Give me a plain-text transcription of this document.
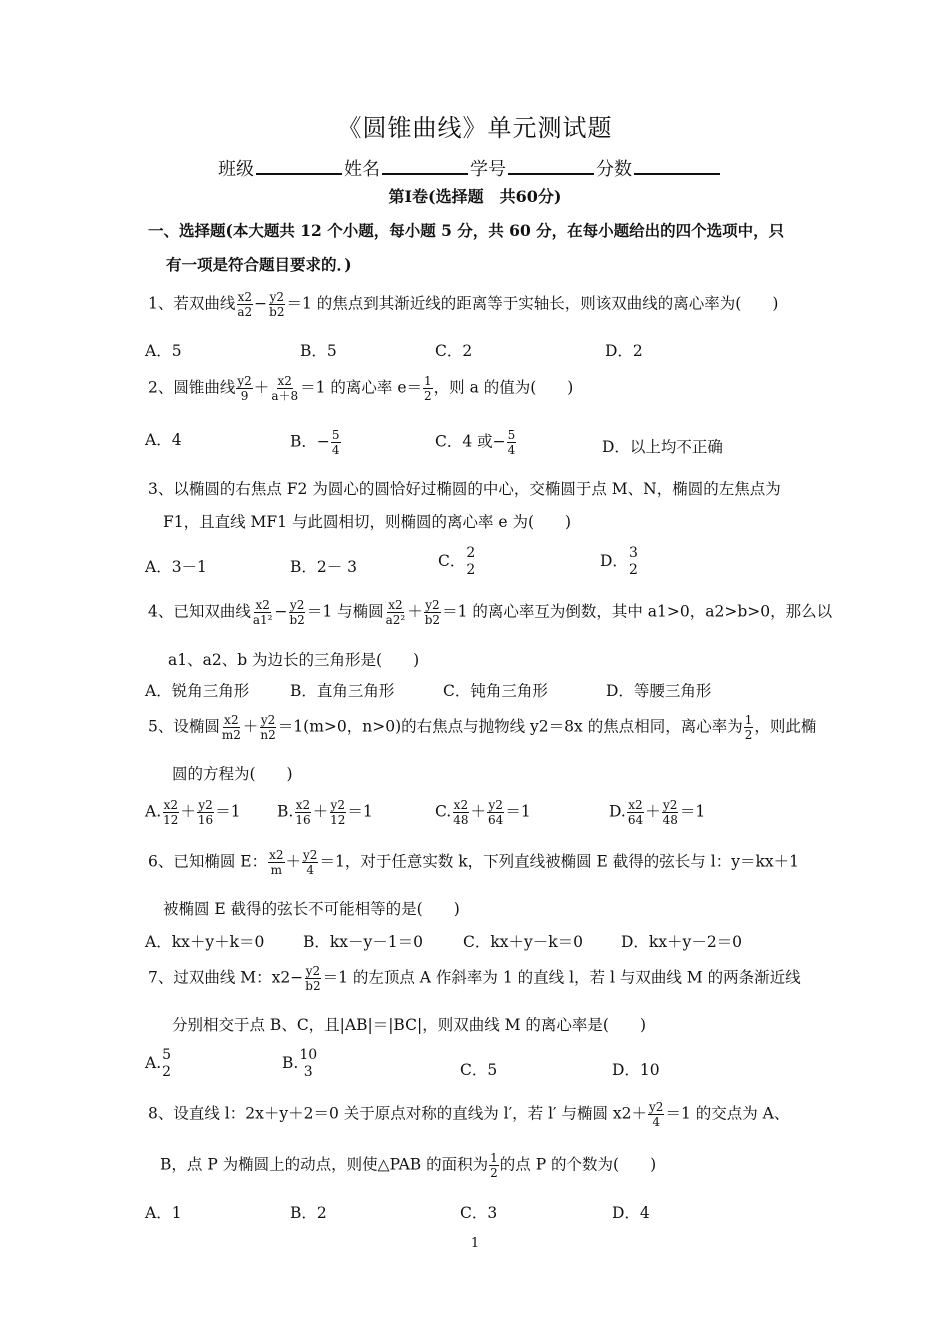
《圆锥曲线》单元测试题
班级	姓名	学号	分数
第Ⅰ卷(选择题　共60分)
一、选择题(本大题共 12 个小题，每小题 5 分，共 60 分，在每小题给出的四个选项中，只
有一项是符合题目要求的．)
1、若双曲线 $\frac{x2}{a2} - \frac{y2}{b2} =1$ 的焦点到其渐近线的距离等于实轴长，则该双曲线的离心率为(　　)
A．5	B．5	C．2	D．2
2、圆锥曲线 $\frac{y2}{9} + \frac{x2}{a+8} =1$ 的离心率 $e= \frac{1}{2}$ ，则 a 的值为(　　)
A．4	B．− $\frac{5}{4}$	C．4 或− $\frac{5}{4}$	D．以上均不正确
3、以椭圆的右焦点 F2 为圆心的圆恰好过椭圆的中心，交椭圆于点 M、N，椭圆的左焦点为
F1，且直线 MF1 与此圆相切，则椭圆的离心率 e 为(　　)
A．3－1	B．2－ 3	C． 2
2	D． 3
2
4、已知双曲线 $\frac{x2}{\text{a1²}} - \frac{y2}{b2} =1$ 与椭圆 $\frac{x2}{\text{a2²}} + \frac{y2}{b2} =1$ 的离心率互为倒数，其中 a1>0，a2>b>0，那么以
a1、a2、b 为边长的三角形是(　　)
A．锐角三角形	B．直角三角形	C．钝角三角形	D．等腰三角形
5、设椭圆 $\frac{x2}{m2} + \frac{y2}{n2} =1(m>0$，n>0)的右焦点与抛物线 y2＝8x 的焦点相同，离心率为 $\frac{1}{2}$ ，则此椭
圆的方程为(　　)
A. $\frac{x2}{12} + \frac{y2}{16} =1$ B. $\frac{x2}{16} + \frac{y2}{12} =1$	C. $\frac{x2}{48} + \frac{y2}{64} =1$	D. $\frac{x2}{64} + \frac{y2}{48} =1$
6、已知椭圆 E： $\frac{x2}{m} + \frac{y2}{4} =1$，对于任意实数 k，下列直线被椭圆 E 截得的弦长与 l：y＝kx＋1
被椭圆 E 截得的弦长不可能相等的是(　　)
A．kx＋y＋k＝0 B．kx－y－1＝0	C．kx＋y－k＝0 D．kx＋y－2＝0
7、过双曲线 M：$x2- \frac{y2}{b2} =1$ 的左顶点 A 作斜率为 1 的直线 l，若 l 与双曲线 M 的两条渐近线
分别相交于点 B、C，且|AB|＝|BC|，则双曲线 M 的离心率是(　　)
A. 5
2	B. 10
3	C．5	D．10
8、设直线 l：2x＋y＋2＝0 关于原点对称的直线为 l′，若 l′ 与椭圆 $x2+ \frac{y2}{4} =1$ 的交点为 A、
B，点 P 为椭圆上的动点，则使△PAB 的面积为 $\frac{1}{2}$ 的点 P 的个数为(　　)
A．1	B．2	C．3	D．4
1
